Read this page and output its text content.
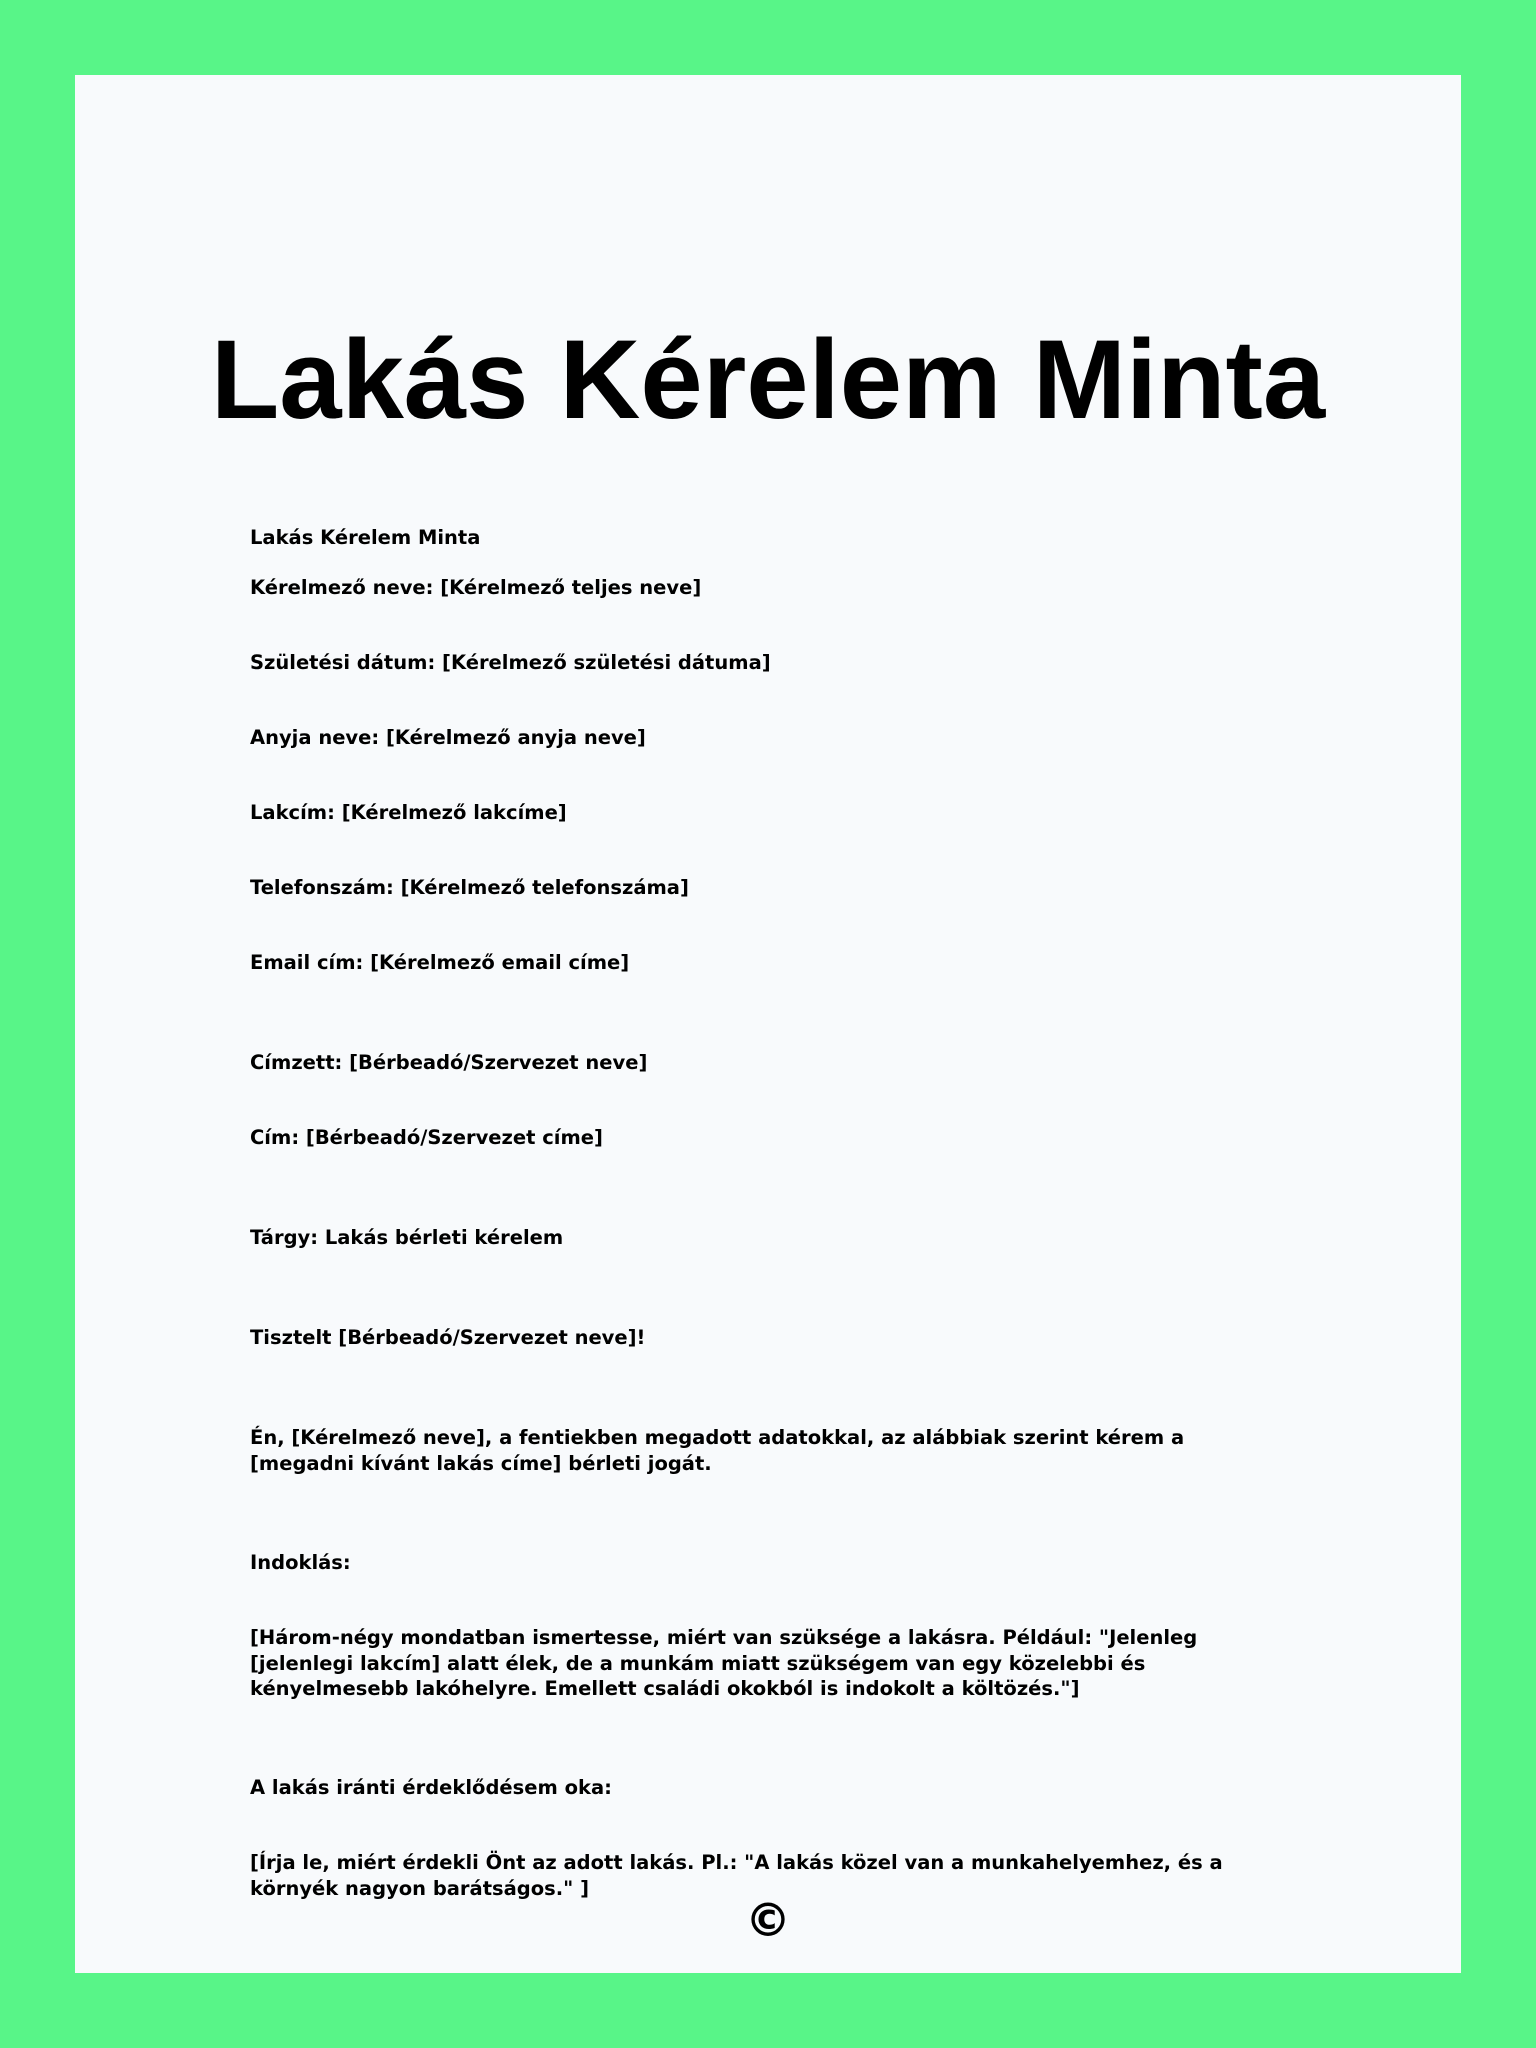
Lakás Kérelem Minta
Lakás Kérelem Minta
Kérelmező neve: [Kérelmező teljes neve]
Születési dátum: [Kérelmező születési dátuma]
Anyja neve: [Kérelmező anyja neve]
Lakcím: [Kérelmező lakcíme]
Telefonszám: [Kérelmező telefonszáma]
Email cím: [Kérelmező email címe]
Címzett: [Bérbeadó/Szervezet neve]
Cím: [Bérbeadó/Szervezet címe]
Tárgy: Lakás bérleti kérelem
Tisztelt [Bérbeadó/Szervezet neve]!
Én, [Kérelmező neve], a fentiekben megadott adatokkal, az alábbiak szerint kérem a [megadni kívánt lakás címe] bérleti jogát.
Indoklás:
[Három-négy mondatban ismertesse, miért van szüksége a lakásra. Például: "Jelenleg [jelenlegi lakcím] alatt élek, de a munkám miatt szükségem van egy közelebbi és kényelmesebb lakóhelyre. Emellett családi okokból is indokolt a költözés."]
A lakás iránti érdeklődésem oka:
[Írja le, miért érdekli Önt az adott lakás. Pl.: "A lakás közel van a munkahelyemhez, és a környék nagyon barátságos." ]
©
